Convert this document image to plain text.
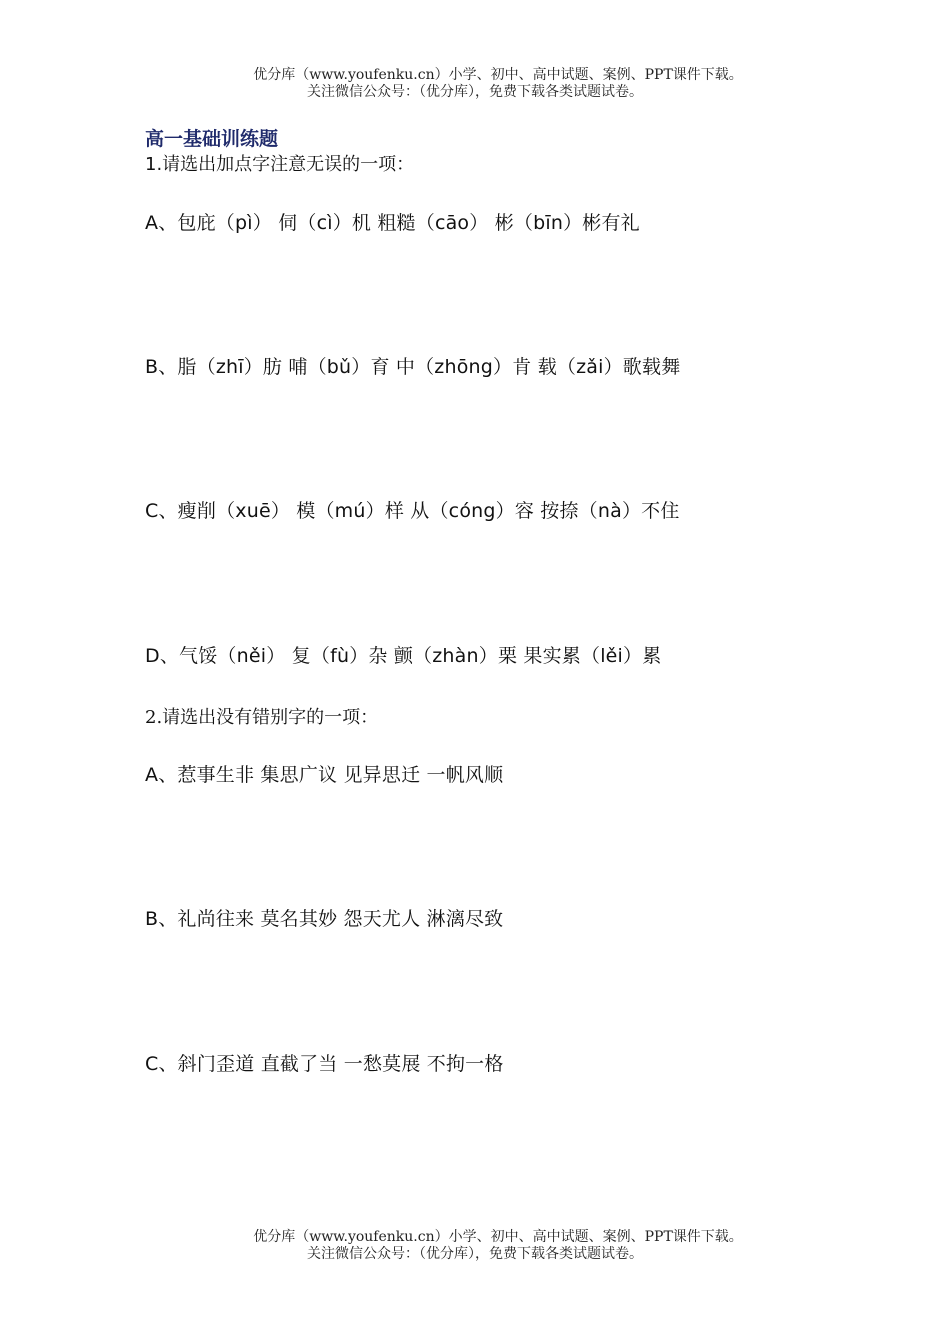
优分库（www.youfenku.cn）小学、初中、高中试题、案例、PPT课件下载。
关注微信公众号：（优分库），免费下载各类试题试卷。
高一基础训练题
1.请选出加点字注意无误的一项：
A、包庇（pì） 伺（cì）机 粗糙（cāo） 彬（bīn）彬有礼
B、脂（zhī）肪 哺（bǔ）育 中（zhōng）肯 载（zǎi）歌载舞
C、瘦削（xuē） 模（mú）样 从（cóng）容 按捺（nà）不住
D、气馁（něi） 复（fù）杂 颤（zhàn）栗 果实累（lěi）累
2.请选出没有错别字的一项：
A、惹事生非 集思广议 见异思迁 一帆风顺
B、礼尚往来 莫名其妙 怨天尤人 淋漓尽致
C、斜门歪道 直截了当 一愁莫展 不拘一格
优分库（www.youfenku.cn）小学、初中、高中试题、案例、PPT课件下载。
关注微信公众号：（优分库），免费下载各类试题试卷。
